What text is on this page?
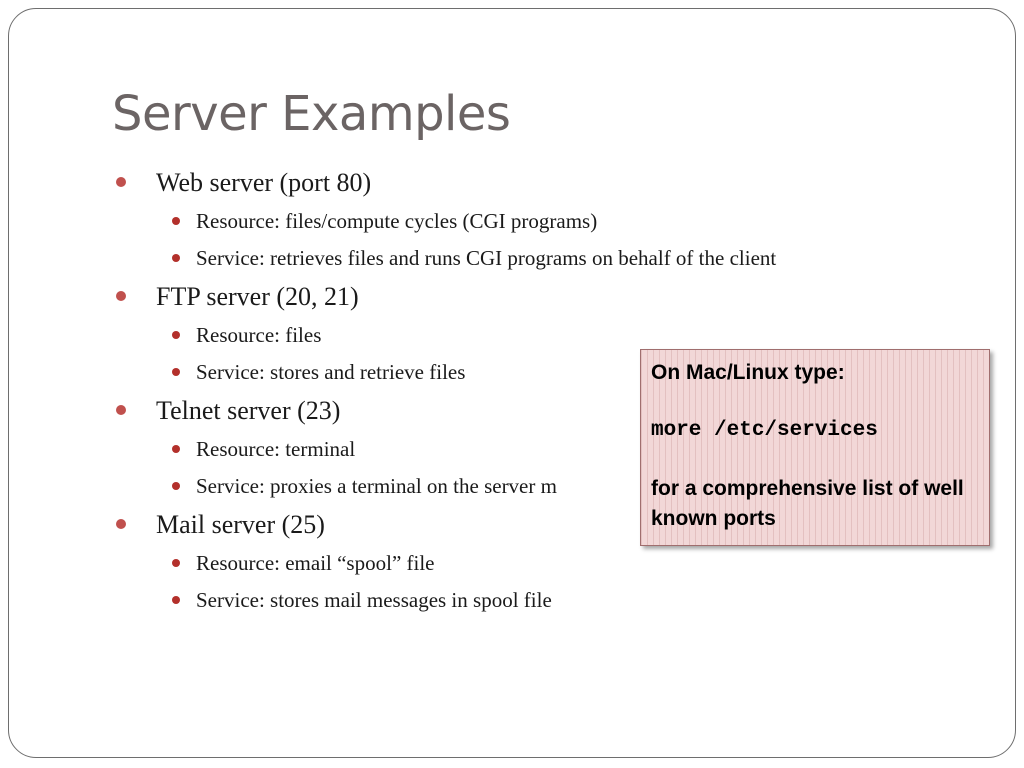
Server Examples
Web server (port 80)
Resource: files/compute cycles (CGI programs)
Service: retrieves files and runs CGI programs on behalf of the client
FTP server (20, 21)
Resource: files
Service: stores and retrieve files
Telnet server (23)
Resource: terminal
Service: proxies a terminal on the server m
Mail server (25)
Resource: email “spool” file
Service: stores mail messages in spool file
On Mac/Linux type:
more /etc/services
for a comprehensive list of well known ports
